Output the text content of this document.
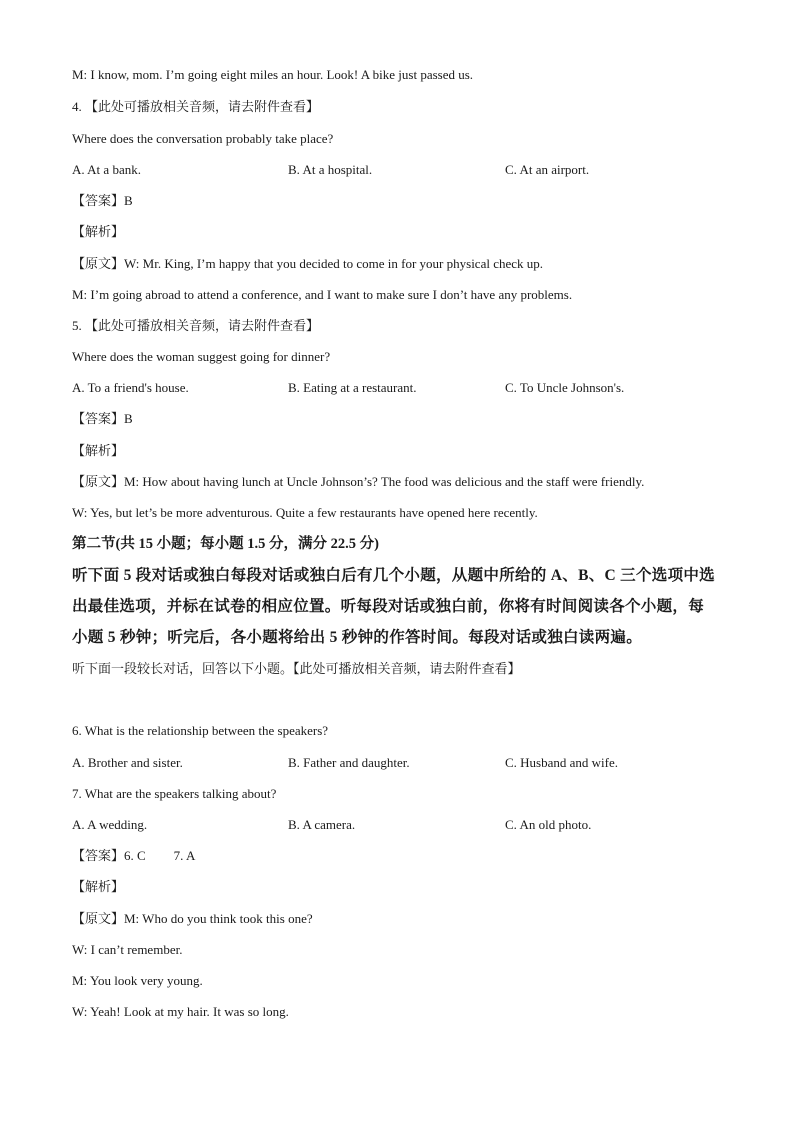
M: I know, mom. I’m going eight miles an hour. Look! A bike just passed us.
4. 【此处可播放相关音频，请去附件查看】
Where does the conversation probably take place?
A. At a bank.	B. At a hospital.	C. At an airport.
【答案】B
【解析】
【原文】W: Mr. King, I’m happy that you decided to come in for your physical check up.
M: I’m going abroad to attend a conference, and I want to make sure I don’t have any problems.
5. 【此处可播放相关音频，请去附件查看】
Where does the woman suggest going for dinner?
A. To a friend's house.	B. Eating at a restaurant.	C. To Uncle Johnson's.
【答案】B
【解析】
【原文】M: How about having lunch at Uncle Johnson’s? The food was delicious and the staff were friendly.
W: Yes, but let’s be more adventurous. Quite a few restaurants have opened here recently.
第二节(共 15 小题；每小题 1.5 分，满分 22.5 分)
听下面 5 段对话或独白每段对话或独白后有几个小题，从题中所给的 A、B、C 三个选项中选
出最佳选项，并标在试卷的相应位置。听每段对话或独白前，你将有时间阅读各个小题，每
小题 5 秒钟；听完后，各小题将给出 5 秒钟的作答时间。每段对话或独白读两遍。
听下面一段较长对话，回答以下小题。【此处可播放相关音频，请去附件查看】
6. What is the relationship between the speakers?
A. Brother and sister.	B. Father and daughter.	C. Husband and wife.
7. What are the speakers talking about?
A. A wedding.	B. A camera.	C. An old photo.
【答案】6. C 7. A
【解析】
【原文】M: Who do you think took this one?
W: I can’t remember.
M: You look very young.
W: Yeah! Look at my hair. It was so long.
